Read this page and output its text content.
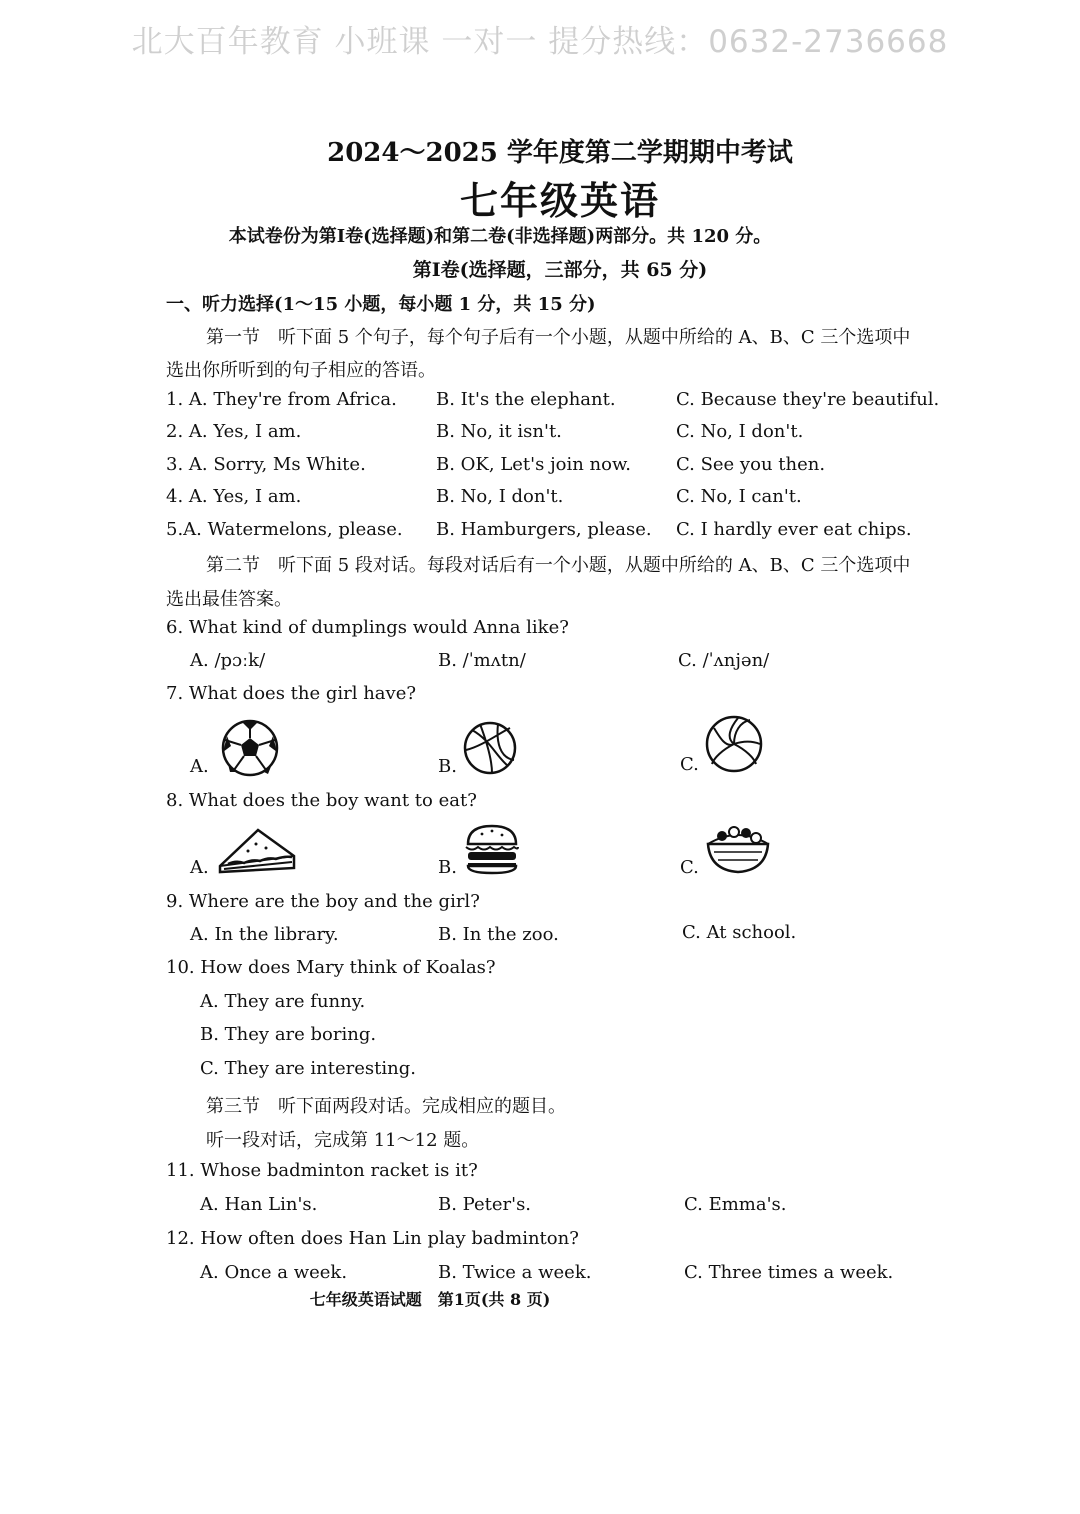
北大百年教育 小班课 一对一 提分热线：0632-2736668
2024～2025 学年度第二学期期中考试
七年级英语
本试卷份为第Ⅰ卷(选择题)和第二卷(非选择题)两部分。共 120 分。
第Ⅰ卷(选择题，三部分，共 65 分)
一、听力选择(1～15 小题，每小题 1 分，共 15 分)
第一节　听下面 5 个句子，每个句子后有一个小题，从题中所给的 A、B、C 三个选项中
选出你所听到的句子相应的答语。
1. A. They're from Africa. B. It's the elephant.	C. Because they're beautiful.
2. A. Yes, I am.	B. No, it isn't.	C. No, I don't.
3. A. Sorry, Ms White.	B. OK, Let's join now.	C. See you then.
4. A. Yes, I am.	B. No, I don't.	C. No, I can't.
5.A. Watermelons, please. B. Hamburgers, please. C. I hardly ever eat chips.
第二节　听下面 5 段对话。每段对话后有一个小题，从题中所给的 A、B、C 三个选项中
选出最佳答案。
6. What kind of dumplings would Anna like?
A. /pɔːk/	B. /ˈmʌtn/	C. /ˈʌnjən/
7. What does the girl have?
A.	B.	C.
8. What does the boy want to eat?
A.	B.	C.
9. Where are the boy and the girl?
A. In the library.	B. In the zoo.	C. At school.
10. How does Mary think of Koalas?
A. They are funny.
B. They are boring.
C. They are interesting.
第三节　听下面两段对话。完成相应的题目。
听一段对话，完成第 11～12 题。
11. Whose badminton racket is it?
A. Han Lin's.	B. Peter's.	C. Emma's.
12. How often does Han Lin play badminton?
A. Once a week.	B. Twice a week.	C. Three times a week.
七年级英语试题　第1页(共 8 页)
